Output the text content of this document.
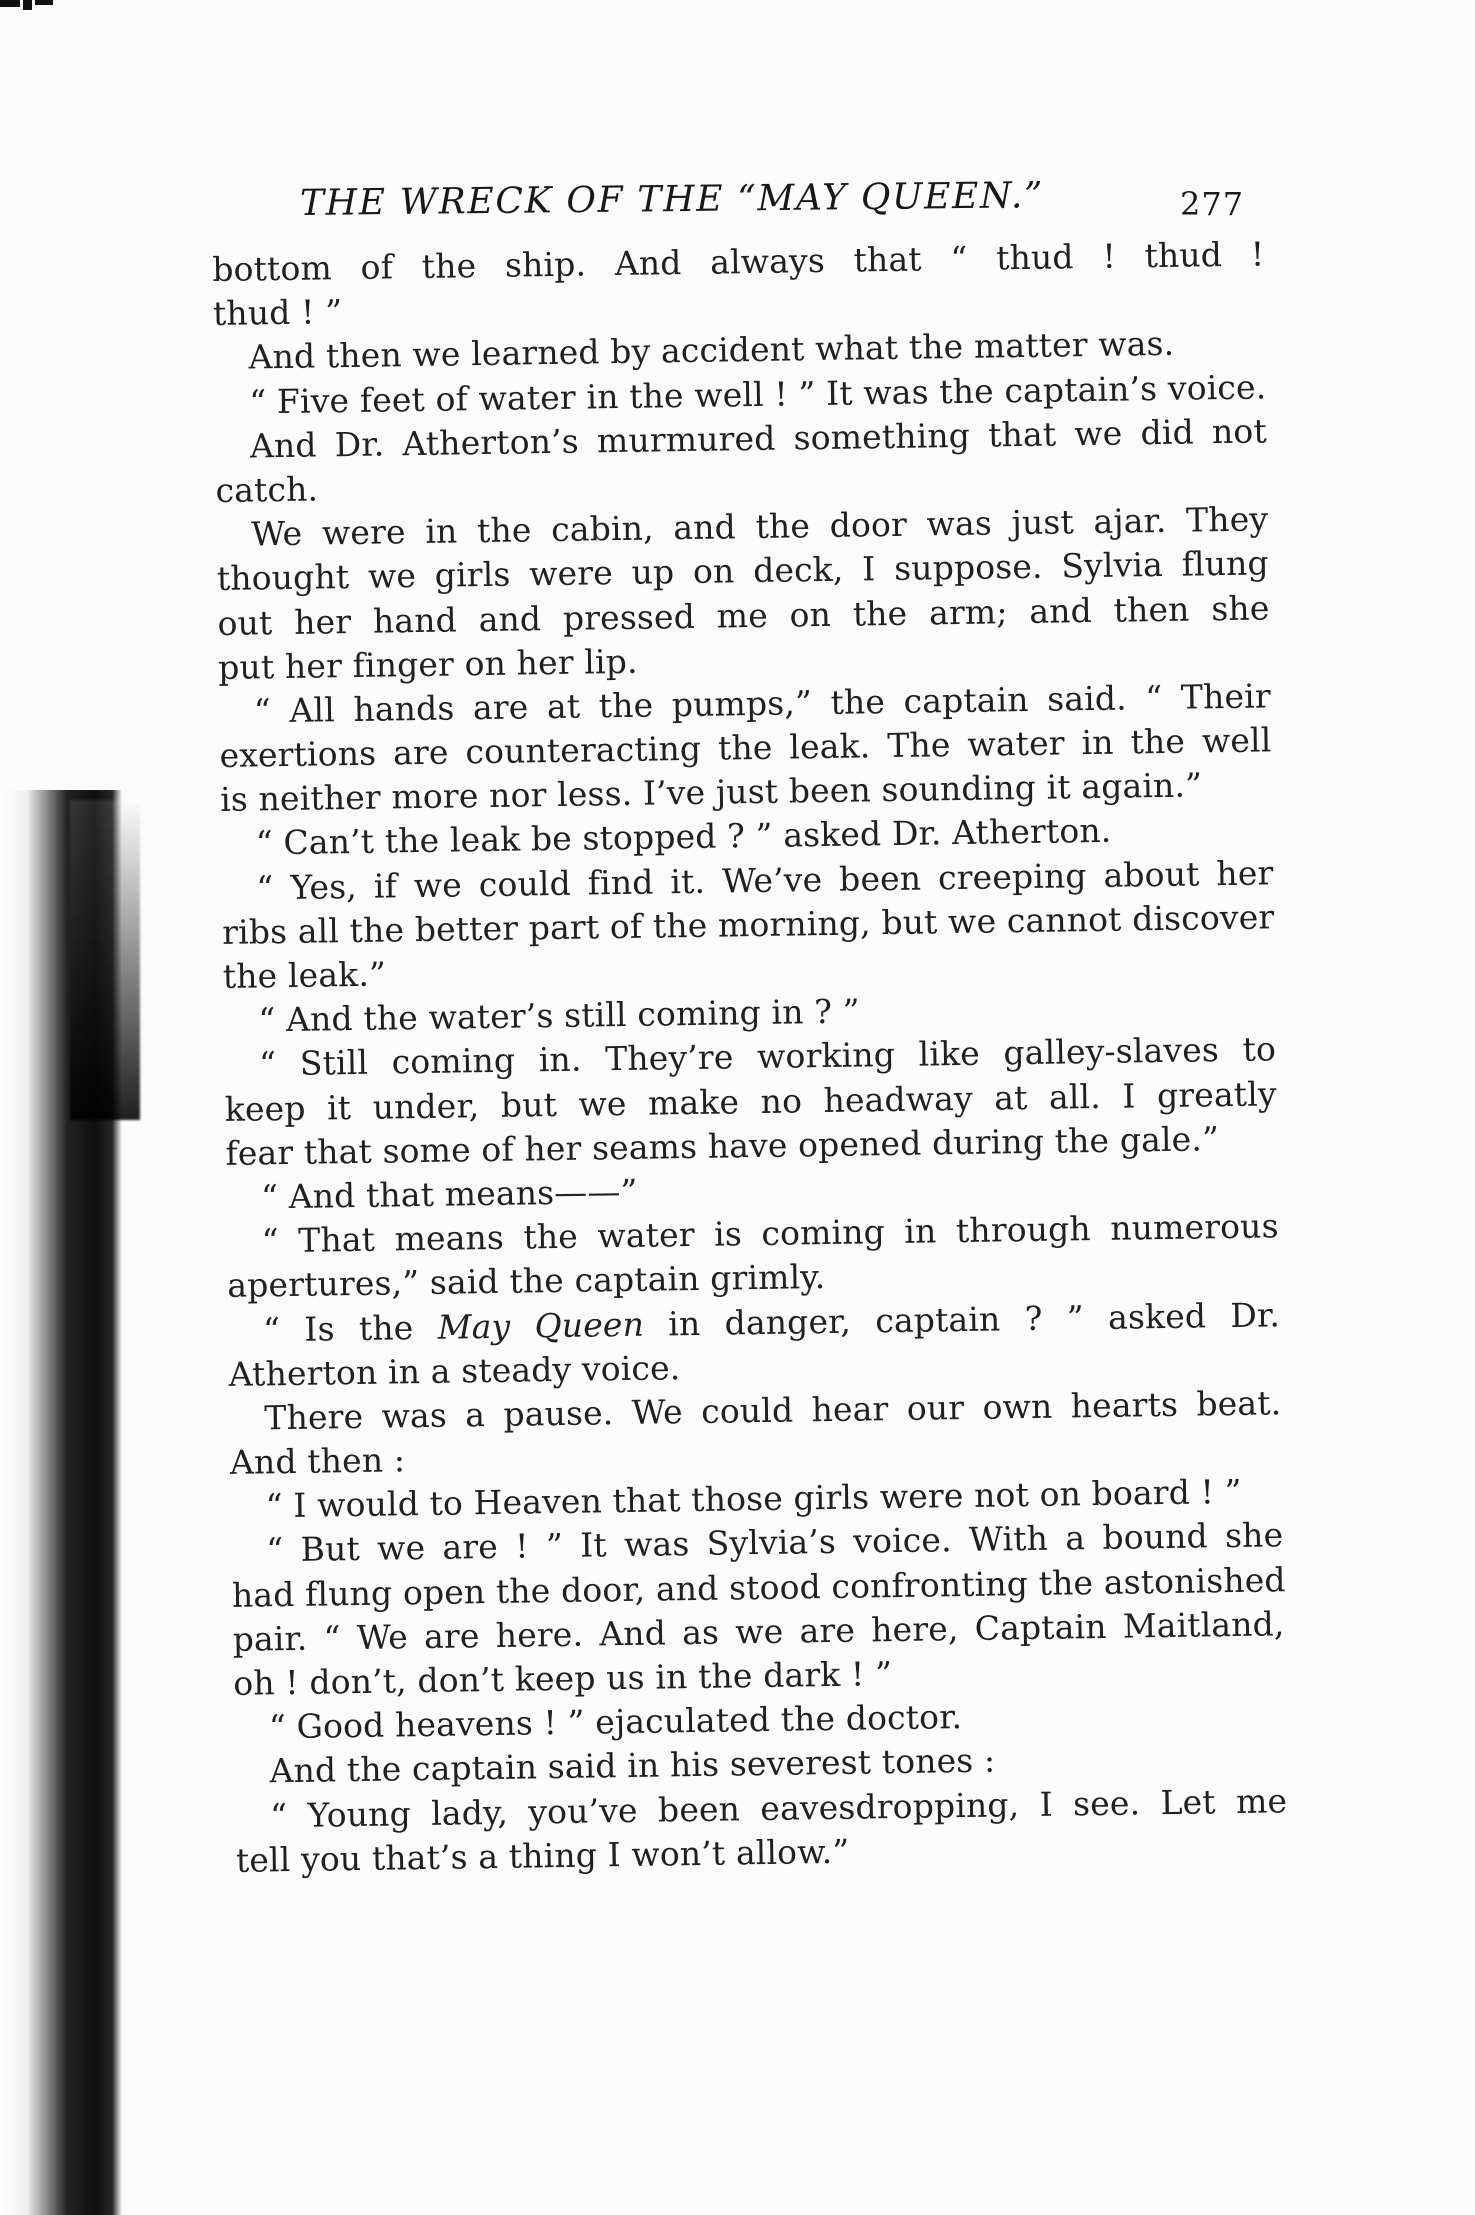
THE WRECK OF THE “MAY QUEEN.”	277
bottom of the ship. And always that “ thud ! thud !
thud ! ”
And then we learned by accident what the matter was.
“ Five feet of water in the well ! ” It was the captain’s voice.
And Dr. Atherton’s murmured something that we did not
catch.
We were in the cabin, and the door was just ajar. They
thought we girls were up on deck, I suppose. Sylvia flung
out her hand and pressed me on the arm; and then she
put her finger on her lip.
“ All hands are at the pumps,” the captain said. “ Their
exertions are counteracting the leak. The water in the well
is neither more nor less. I’ve just been sounding it again.”
“ Can’t the leak be stopped ? ” asked Dr. Atherton.
“ Yes, if we could find it. We’ve been creeping about her
ribs all the better part of the morning, but we cannot discover
the leak.”
“ And the water’s still coming in ? ”
“ Still coming in. They’re working like galley-slaves to
keep it under, but we make no headway at all. I greatly
fear that some of her seams have opened during the gale.”
“ And that means——”
“ That means the water is coming in through numerous
apertures,” said the captain grimly.
“ Is the May Queen in danger, captain ? ” asked Dr.
Atherton in a steady voice.
There was a pause. We could hear our own hearts beat.
And then :
“ I would to Heaven that those girls were not on board ! ”
“ But we are ! ” It was Sylvia’s voice. With a bound she
had flung open the door, and stood confronting the astonished
pair. “ We are here. And as we are here, Captain Maitland,
oh ! don’t, don’t keep us in the dark ! ”
“ Good heavens ! ” ejaculated the doctor.
And the captain said in his severest tones :
“ Young lady, you’ve been eavesdropping, I see. Let me
tell you that’s a thing I won’t allow.”
